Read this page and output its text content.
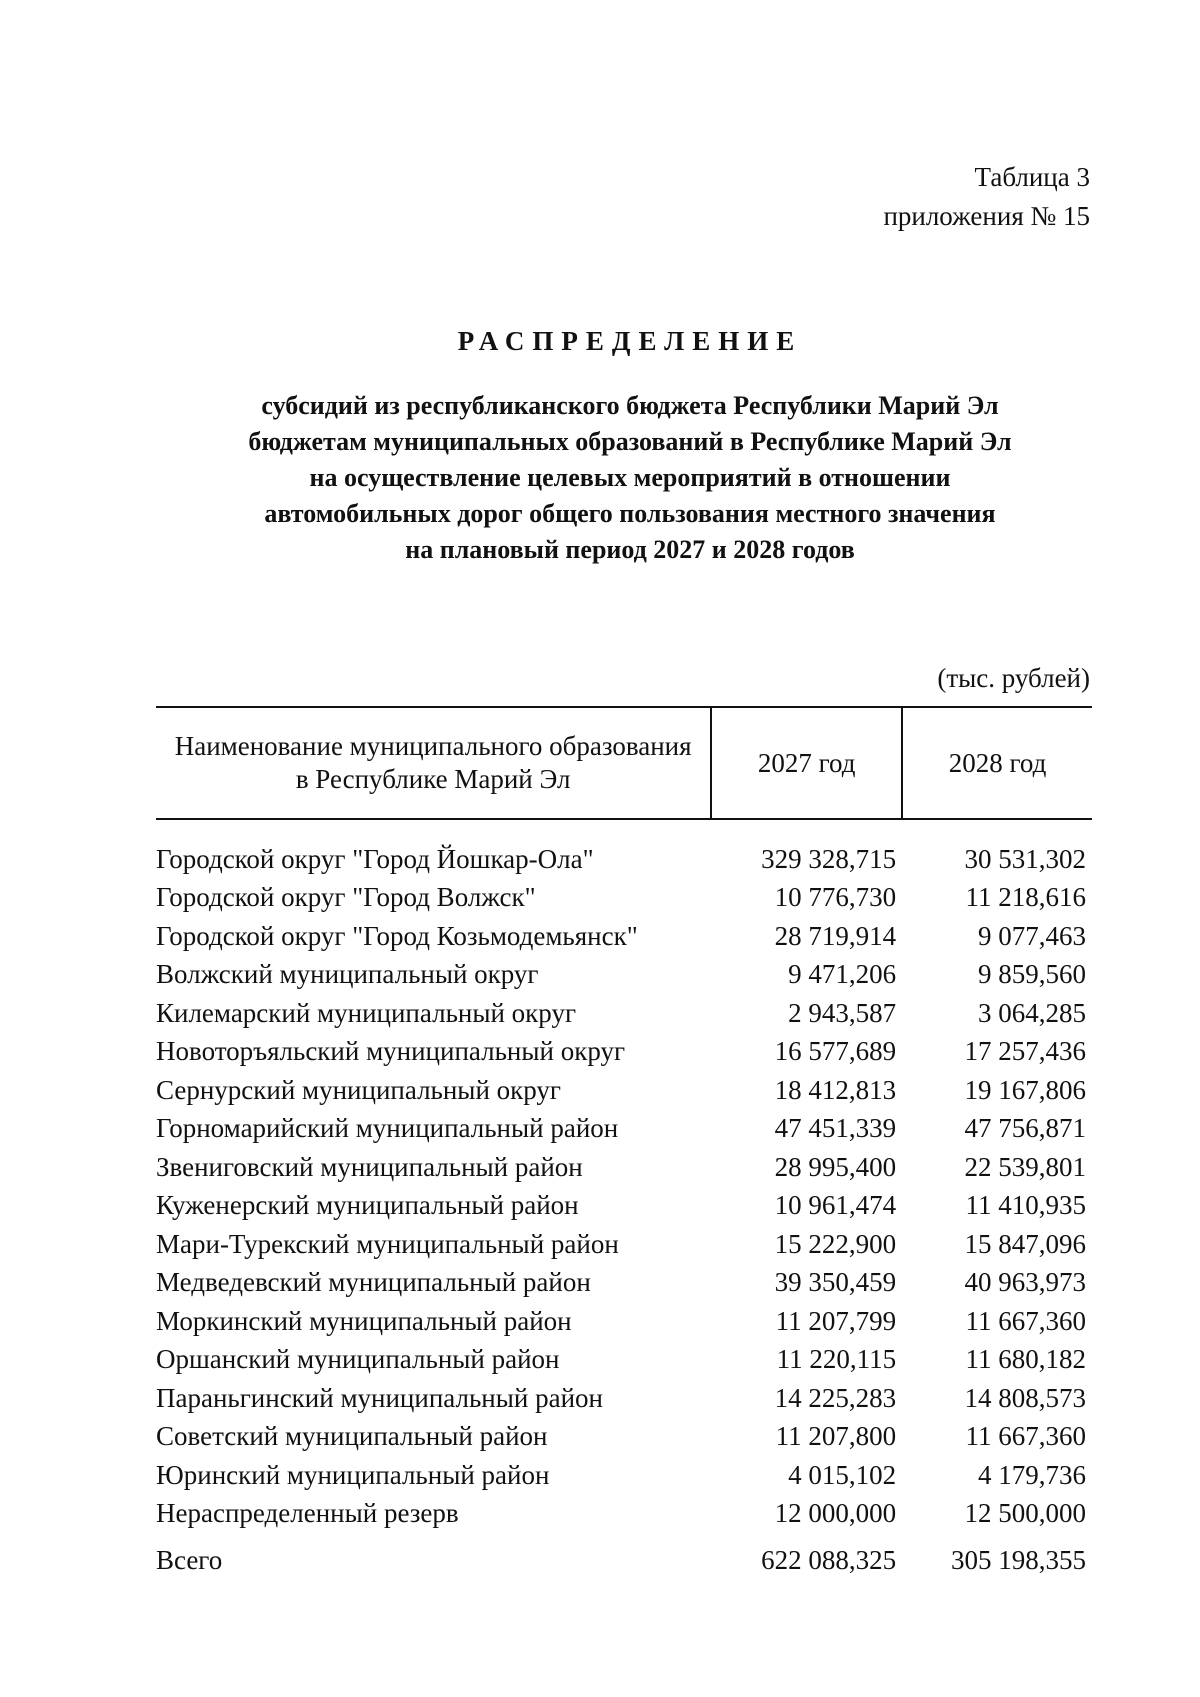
Таблица 3
приложения № 15
РАСПРЕДЕЛЕНИЕ
субсидий из республиканского бюджета Республики Марий Эл
бюджетам муниципальных образований в Республике Марий Эл
на осуществление целевых мероприятий в отношении
автомобильных дорог общего пользования местного значения
на плановый период 2027 и 2028 годов
(тыс. рублей)
Наименование муниципального образования
в Республике Марий Эл	2027 год	2028 год
Городской округ "Город Йошкар-Ола"	329 328,715	30 531,302
Городской округ "Город Волжск"	10 776,730	11 218,616
Городской округ "Город Козьмодемьянск"	28 719,914	9 077,463
Волжский муниципальный округ	9 471,206	9 859,560
Килемарский муниципальный округ	2 943,587	3 064,285
Новоторъяльский муниципальный округ	16 577,689	17 257,436
Сернурский муниципальный округ	18 412,813	19 167,806
Горномарийский муниципальный район	47 451,339	47 756,871
Звениговский муниципальный район	28 995,400	22 539,801
Куженерский муниципальный район	10 961,474	11 410,935
Мари-Турекский муниципальный район	15 222,900	15 847,096
Медведевский муниципальный район	39 350,459	40 963,973
Моркинский муниципальный район	11 207,799	11 667,360
Оршанский муниципальный район	11 220,115	11 680,182
Параньгинский муниципальный район	14 225,283	14 808,573
Советский муниципальный район	11 207,800	11 667,360
Юринский муниципальный район	4 015,102	4 179,736
Нераспределенный резерв	12 000,000	12 500,000
Всего	622 088,325	305 198,355
